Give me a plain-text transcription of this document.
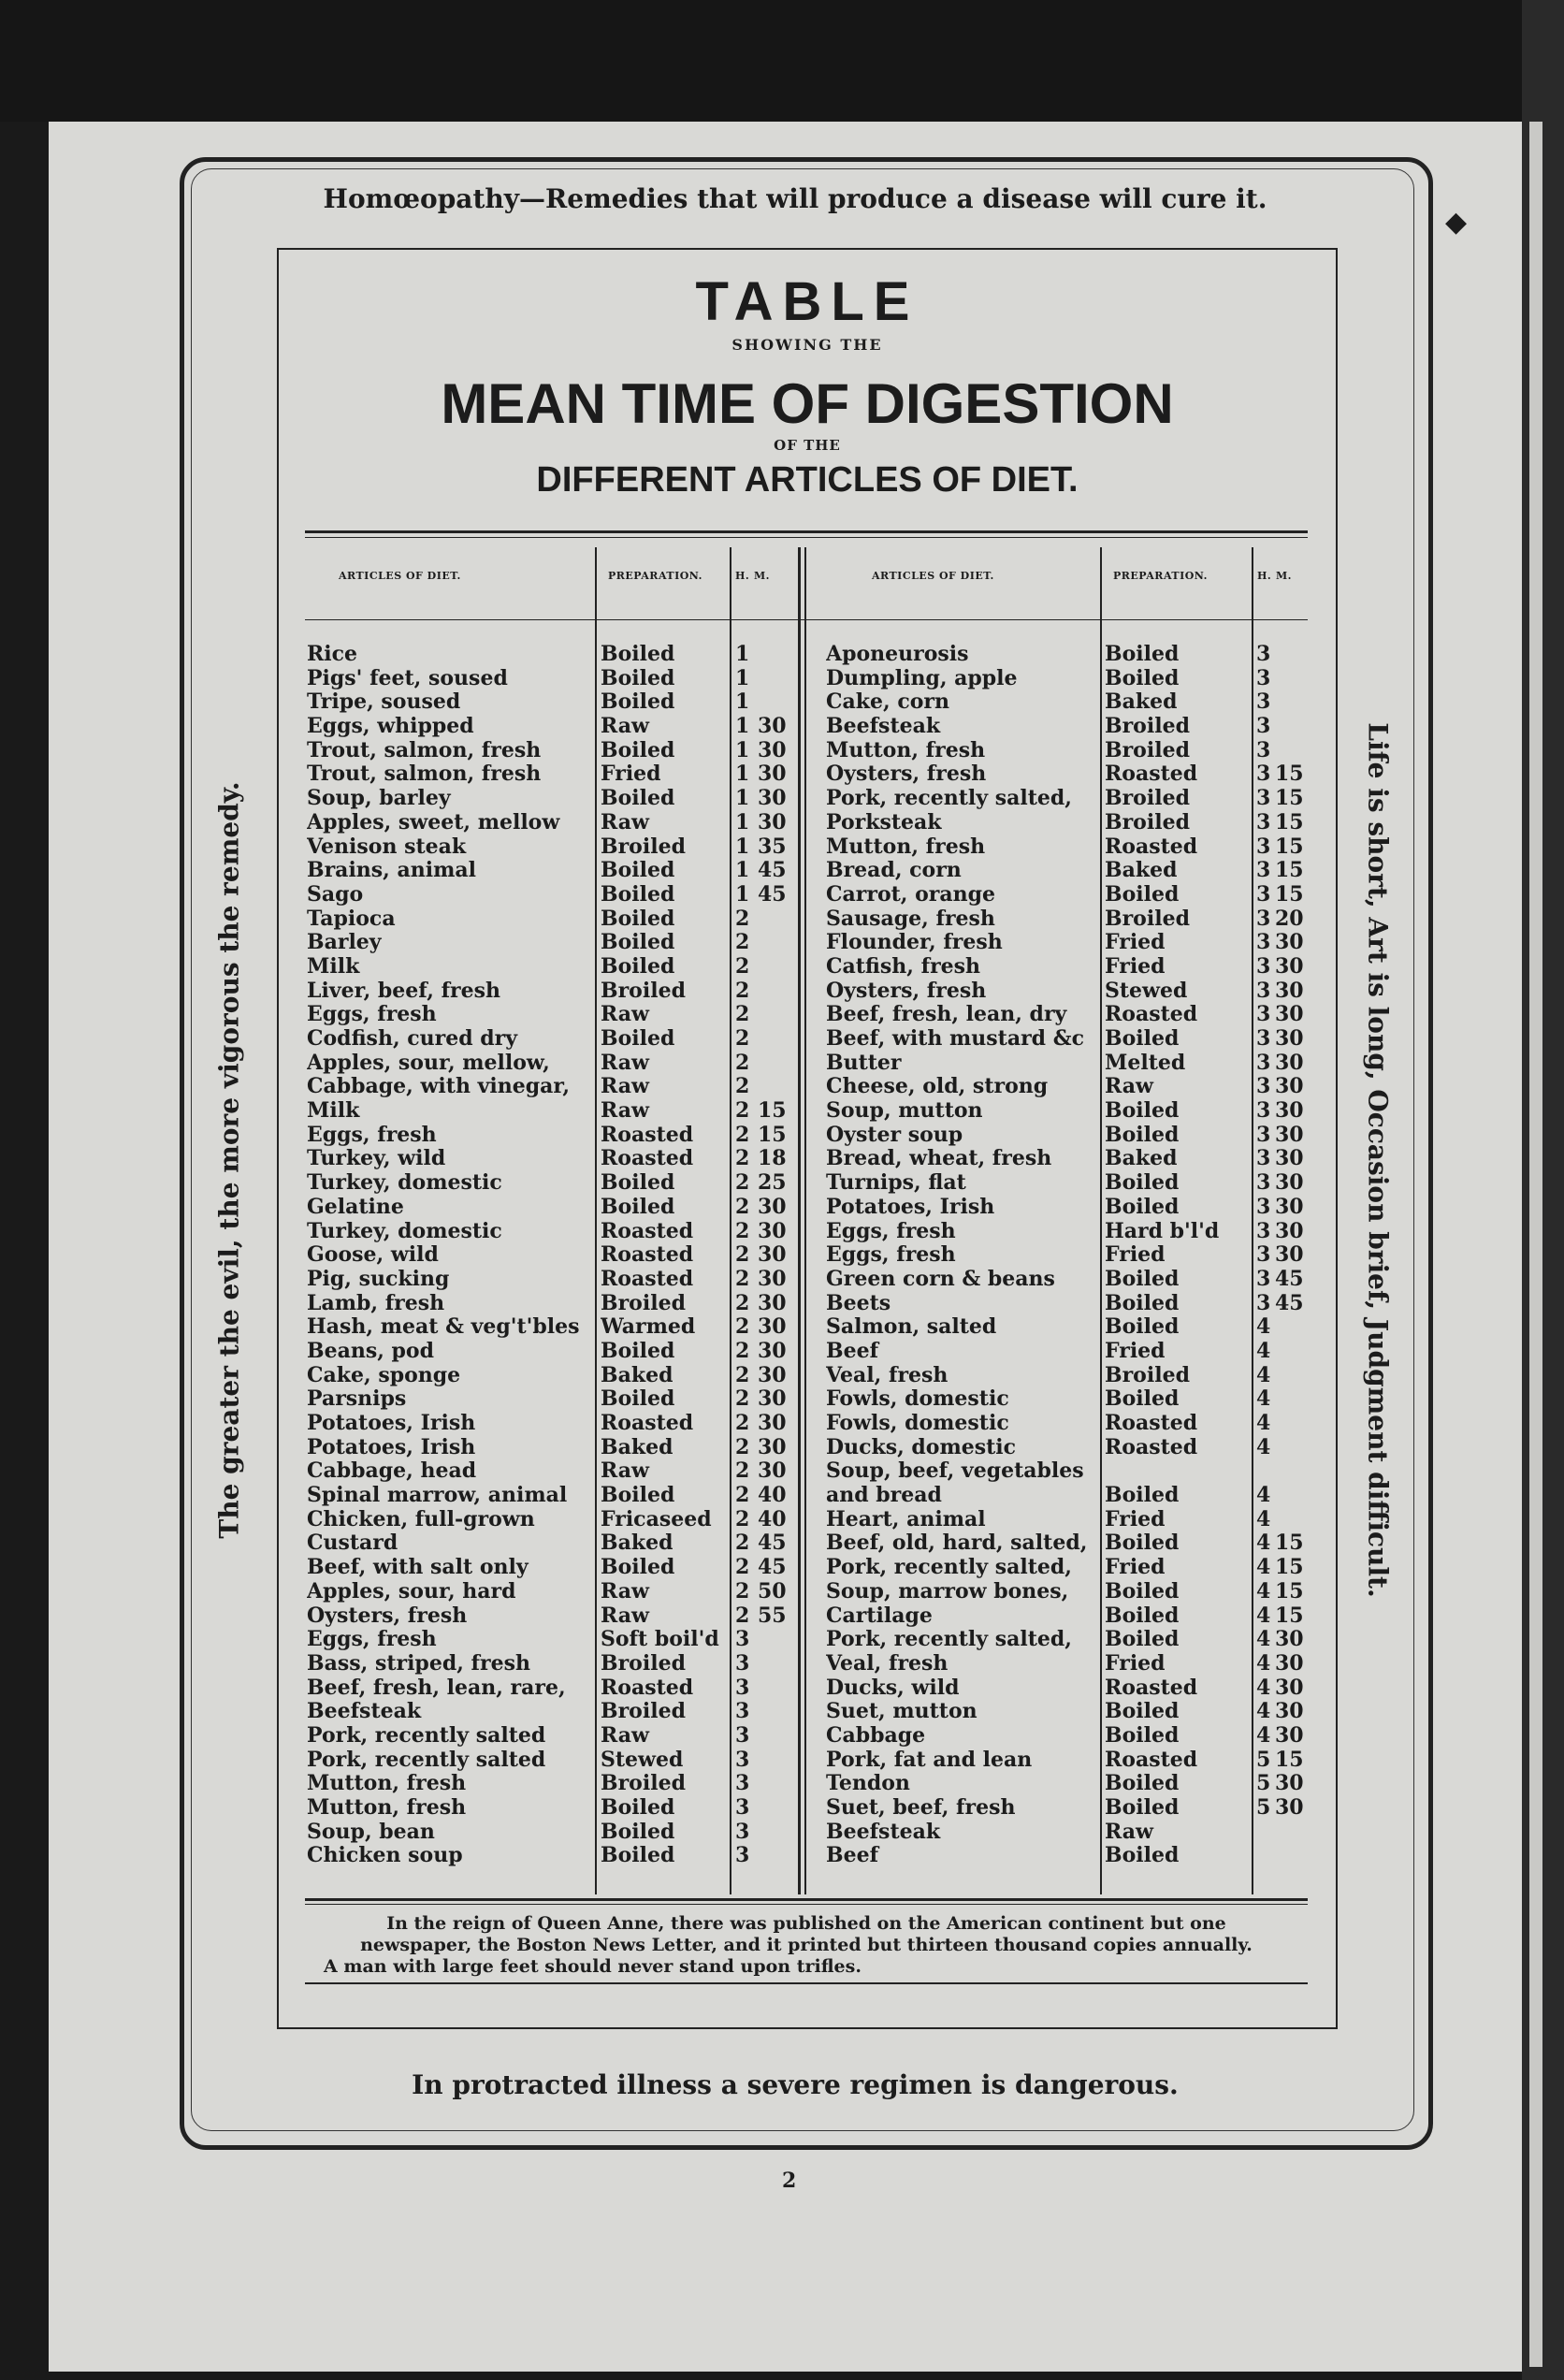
◆
Homœopathy—Remedies that will produce a disease will cure it.
In protracted illness a severe regimen is dangerous.
The greater the evil, the more vigorous the remedy.	Life is short, Art is long, Occasion brief, Judgment difficult.
2
TABLE
SHOWING THE
MEAN TIME OF DIGESTION
OF THE
DIFFERENT ARTICLES OF DIET.
ARTICLES OF DIET.	PREPARATION.	H. M.	ARTICLES OF DIET.	PREPARATION.	H. M.
Rice	Boiled	1
Pigs' feet, soused	Boiled	1
Tripe, soused	Boiled	1
Eggs, whipped	Raw	1 30
Trout, salmon, fresh	Boiled	1 30
Trout, salmon, fresh	Fried	1 30
Soup, barley	Boiled	1 30
Apples, sweet, mellow	Raw	1 30
Venison steak	Broiled	1 35
Brains, animal	Boiled	1 45
Sago	Boiled	1 45
Tapioca	Boiled	2
Barley	Boiled	2
Milk	Boiled	2
Liver, beef, fresh	Broiled	2
Eggs, fresh	Raw	2
Codfish, cured dry	Boiled	2
Apples, sour, mellow,	Raw	2
Cabbage, with vinegar,	Raw	2
Milk	Raw	2 15
Eggs, fresh	Roasted	2 15
Turkey, wild	Roasted	2 18
Turkey, domestic	Boiled	2 25
Gelatine	Boiled	2 30
Turkey, domestic	Roasted	2 30
Goose, wild	Roasted	2 30
Pig, sucking	Roasted	2 30
Lamb, fresh	Broiled	2 30
Hash, meat & veg't'bles	Warmed	2 30
Beans, pod	Boiled	2 30
Cake, sponge	Baked	2 30
Parsnips	Boiled	2 30
Potatoes, Irish	Roasted	2 30
Potatoes, Irish	Baked	2 30
Cabbage, head	Raw	2 30
Spinal marrow, animal	Boiled	2 40
Chicken, full-grown	Fricaseed	2 40
Custard	Baked	2 45
Beef, with salt only	Boiled	2 45
Apples, sour, hard	Raw	2 50
Oysters, fresh	Raw	2 55
Eggs, fresh	Soft boil'd 3
Bass, striped, fresh	Broiled	3
Beef, fresh, lean, rare,	Roasted	3
Beefsteak	Broiled	3
Pork, recently salted	Raw	3
Pork, recently salted	Stewed	3
Mutton, fresh	Broiled	3
Mutton, fresh	Boiled	3
Soup, bean	Boiled	3
Chicken soup	Boiled	3
Aponeurosis	Boiled	3
Dumpling, apple	Boiled	3
Cake, corn	Baked	3
Beefsteak	Broiled	3
Mutton, fresh	Broiled	3
Oysters, fresh	Roasted	3 15
Pork, recently salted,	Broiled	3 15
Porksteak	Broiled	3 15
Mutton, fresh	Roasted	3 15
Bread, corn	Baked	3 15
Carrot, orange	Boiled	3 15
Sausage, fresh	Broiled	3 20
Flounder, fresh	Fried	3 30
Catfish, fresh	Fried	3 30
Oysters, fresh	Stewed	3 30
Beef, fresh, lean, dry	Roasted	3 30
Beef, with mustard &c	Boiled	3 30
Butter	Melted	3 30
Cheese, old, strong	Raw	3 30
Soup, mutton	Boiled	3 30
Oyster soup	Boiled	3 30
Bread, wheat, fresh	Baked	3 30
Turnips, flat	Boiled	3 30
Potatoes, Irish	Boiled	3 30
Eggs, fresh	Hard b'l'd	3 30
Eggs, fresh	Fried	3 30
Green corn & beans	Boiled	3 45
Beets	Boiled	3 45
Salmon, salted	Boiled	4
Beef	Fried	4
Veal, fresh	Broiled	4
Fowls, domestic	Boiled	4
Fowls, domestic	Roasted	4
Ducks, domestic	Roasted	4
Soup, beef, vegetables
and bread	Boiled	4
Heart, animal	Fried	4
Beef, old, hard, salted, Boiled	4 15
Pork, recently salted,	Fried	4 15
Soup, marrow bones,	Boiled	4 15
Cartilage	Boiled	4 15
Pork, recently salted,	Boiled	4 30
Veal, fresh	Fried	4 30
Ducks, wild	Roasted	4 30
Suet, mutton	Boiled	4 30
Cabbage	Boiled	4 30
Pork, fat and lean	Roasted	5 15
Tendon	Boiled	5 30
Suet, beef, fresh	Boiled	5 30
Beefsteak	Raw
Beef	Boiled
In the reign of Queen Anne, there was published on the American continent but one
newspaper, the Boston News Letter, and it printed but thirteen thousand copies annually.
A man with large feet should never stand upon trifles.
